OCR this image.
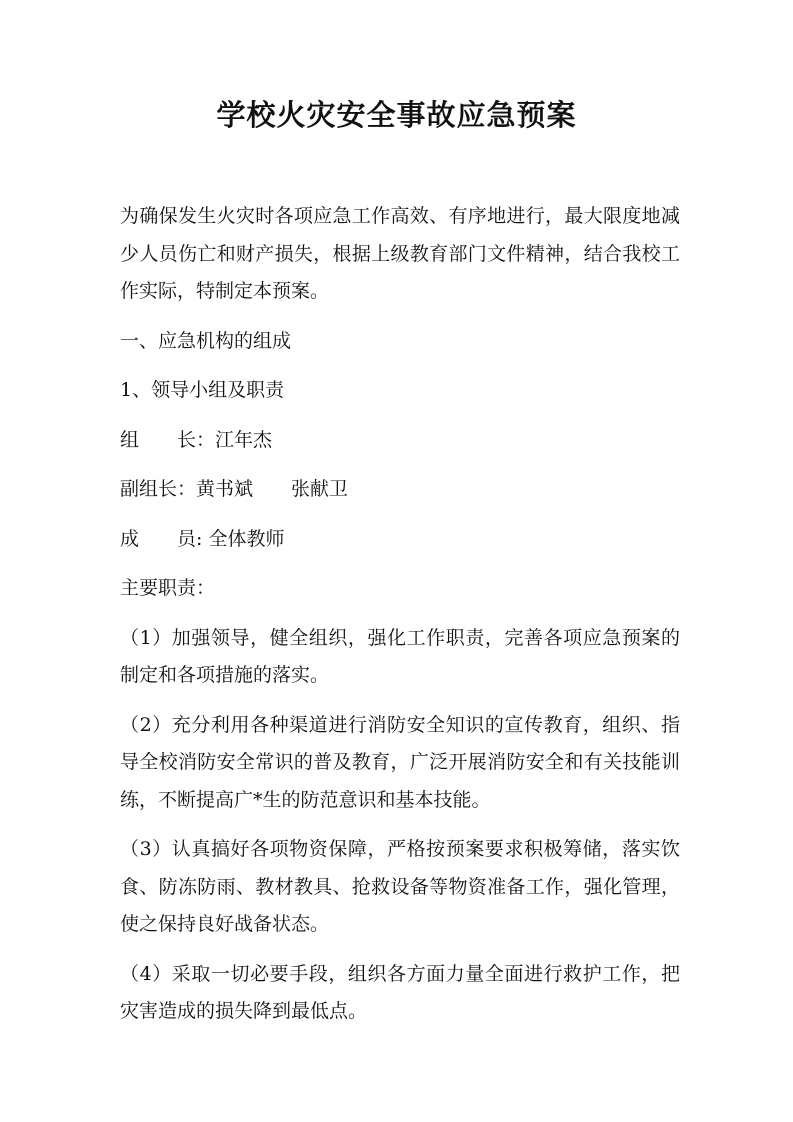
学校火灾安全事故应急预案

为确保发生火灾时各项应急工作高效、有序地进行，最大限度地减少人员伤亡和财产损失，根据上级教育部门文件精神，结合我校工作实际，特制定本预案。

一、应急机构的组成

1、领导小组及职责

组　　长：江年杰

副组长：黄书斌　　张献卫

成　　员: 全体教师

主要职责：

（1）加强领导，健全组织，强化工作职责，完善各项应急预案的制定和各项措施的落实。

（2）充分利用各种渠道进行消防安全知识的宣传教育，组织、指导全校消防安全常识的普及教育，广泛开展消防安全和有关技能训练，不断提高广*生的防范意识和基本技能。

（3）认真搞好各项物资保障，严格按预案要求积极筹储，落实饮食、防冻防雨、教材教具、抢救设备等物资准备工作，强化管理，使之保持良好战备状态。

（4）采取一切必要手段，组织各方面力量全面进行救护工作，把灾害造成的损失降到最低点。
